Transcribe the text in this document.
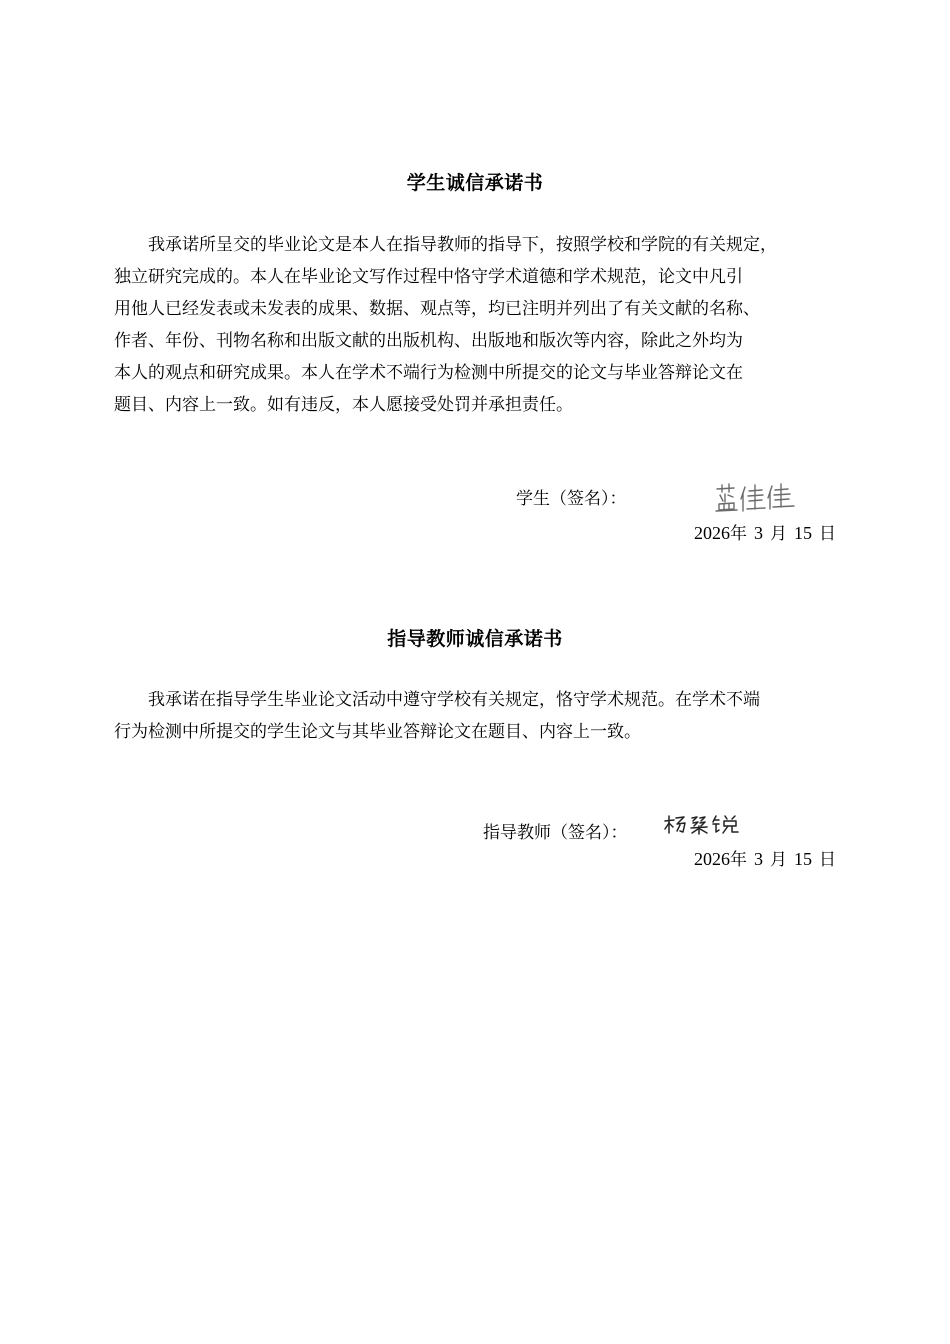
学生诚信承诺书

我承诺所呈交的毕业论文是本人在指导教师的指导下，按照学校和学院的有关规定，
独立研究完成的。本人在毕业论文写作过程中恪守学术道德和学术规范，论文中凡引
用他人已经发表或未发表的成果、数据、观点等，均已注明并列出了有关文献的名称、
作者、年份、刊物名称和出版文献的出版机构、出版地和版次等内容，除此之外均为
本人的观点和研究成果。本人在学术不端行为检测中所提交的论文与毕业答辩论文在
题目、内容上一致。如有违反，本人愿接受处罚并承担责任。

学生（签名）：
2026年 3 月 15 日
指导教师诚信承诺书

我承诺在指导学生毕业论文活动中遵守学校有关规定，恪守学术规范。在学术不端
行为检测中所提交的学生论文与其毕业答辩论文在题目、内容上一致。

指导教师（签名）：
2026年 3 月 15 日
